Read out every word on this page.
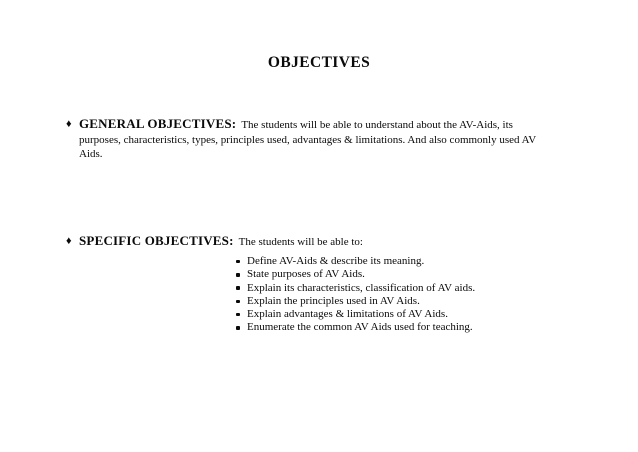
OBJECTIVES
♦ GENERAL OBJECTIVES: The students will be able to understand about the AV-Aids, its purposes, characteristics, types, principles used, advantages & limitations. And also commonly used AV Aids.
♦ SPECIFIC OBJECTIVES: The students will be able to:
Define AV-Aids & describe its meaning.
State purposes of AV Aids.
Explain its characteristics, classification of AV aids.
Explain the principles used in AV Aids.
Explain advantages & limitations of AV Aids.
Enumerate the common AV Aids used for teaching.
